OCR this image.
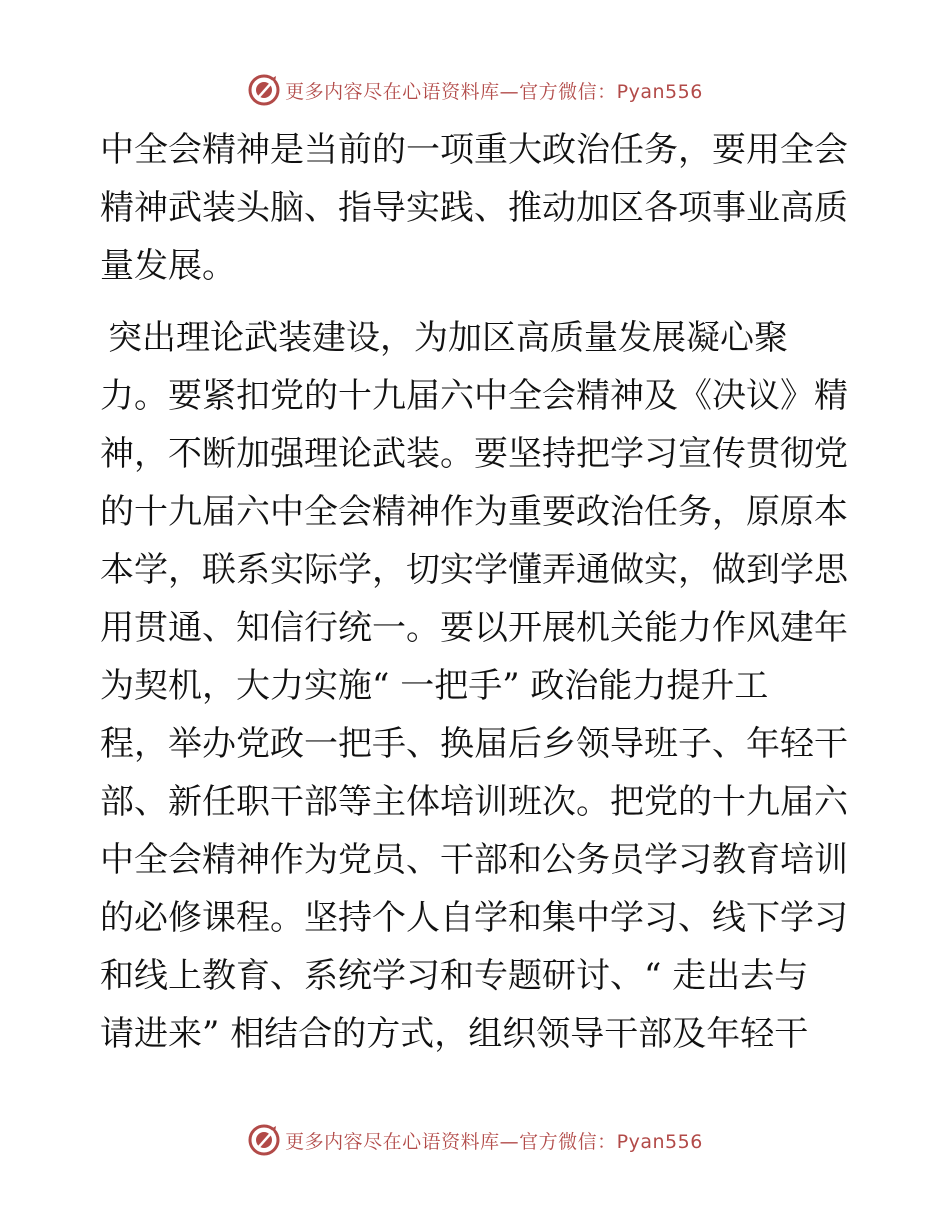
更多内容尽在心语资料库—官方微信：Pyan556
中全会精神是当前的一项重大政治任务，要用全会
精神武装头脑、指导实践、推动加区各项事业高质
量发展。
突出理论武装建设，为加区高质量发展凝心聚
力。要紧扣党的十九届六中全会精神及《决议》精
神，不断加强理论武装。要坚持把学习宣传贯彻党
的十九届六中全会精神作为重要政治任务，原原本
本学，联系实际学，切实学懂弄通做实，做到学思
用贯通、知信行统一。要以开展机关能力作风建年
为契机，大力实施“ 一把手” 政治能力提升工
程，举办党政一把手、换届后乡领导班子、年轻干
部、新任职干部等主体培训班次。把党的十九届六
中全会精神作为党员、干部和公务员学习教育培训
的必修课程。坚持个人自学和集中学习、线下学习
和线上教育、系统学习和专题研讨、“ 走出去与
请进来” 相结合的方式，组织领导干部及年轻干
更多内容尽在心语资料库—官方微信：Pyan556
